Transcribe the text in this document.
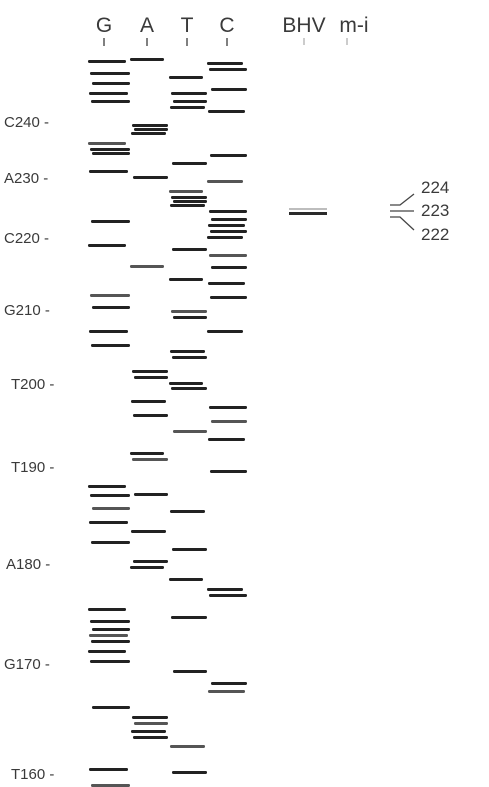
G A T C BHV m-i
C240 -
A230 -
C220 -
G210 -
T200 -
T190 -
A180 -
G170 -
T160 -
224
223
222
